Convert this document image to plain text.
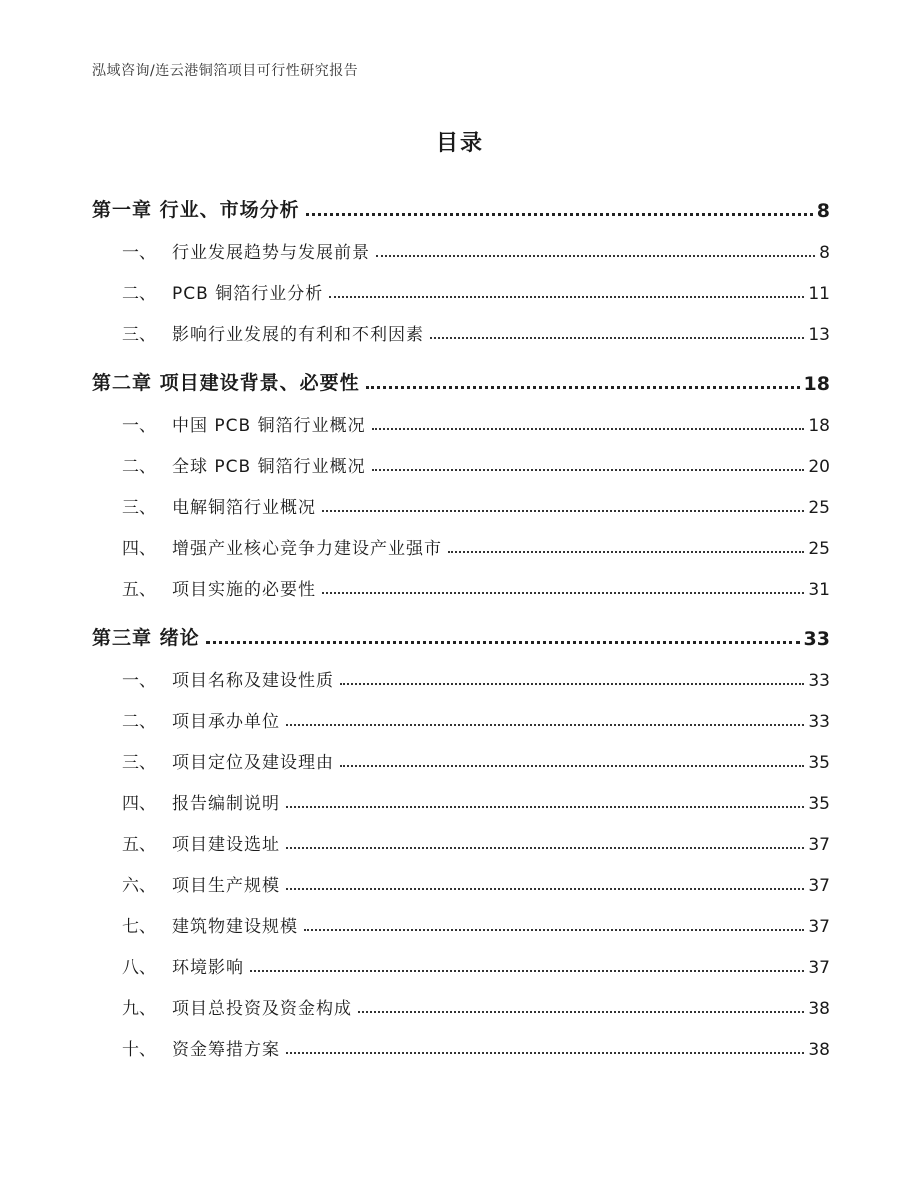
泓域咨询/连云港铜箔项目可行性研究报告
目录
第一章 行业、市场分析	8
一、 行业发展趋势与发展前景	8
二、 PCB 铜箔行业分析	11
三、 影响行业发展的有利和不利因素	13
第二章 项目建设背景、必要性	18
一、 中国 PCB 铜箔行业概况	18
二、 全球 PCB 铜箔行业概况	20
三、 电解铜箔行业概况	25
四、 增强产业核心竞争力建设产业强市	25
五、 项目实施的必要性	31
第三章 绪论	33
一、 项目名称及建设性质	33
二、 项目承办单位	33
三、 项目定位及建设理由	35
四、 报告编制说明	35
五、 项目建设选址	37
六、 项目生产规模	37
七、 建筑物建设规模	37
八、 环境影响	37
九、 项目总投资及资金构成	38
十、 资金筹措方案	38
